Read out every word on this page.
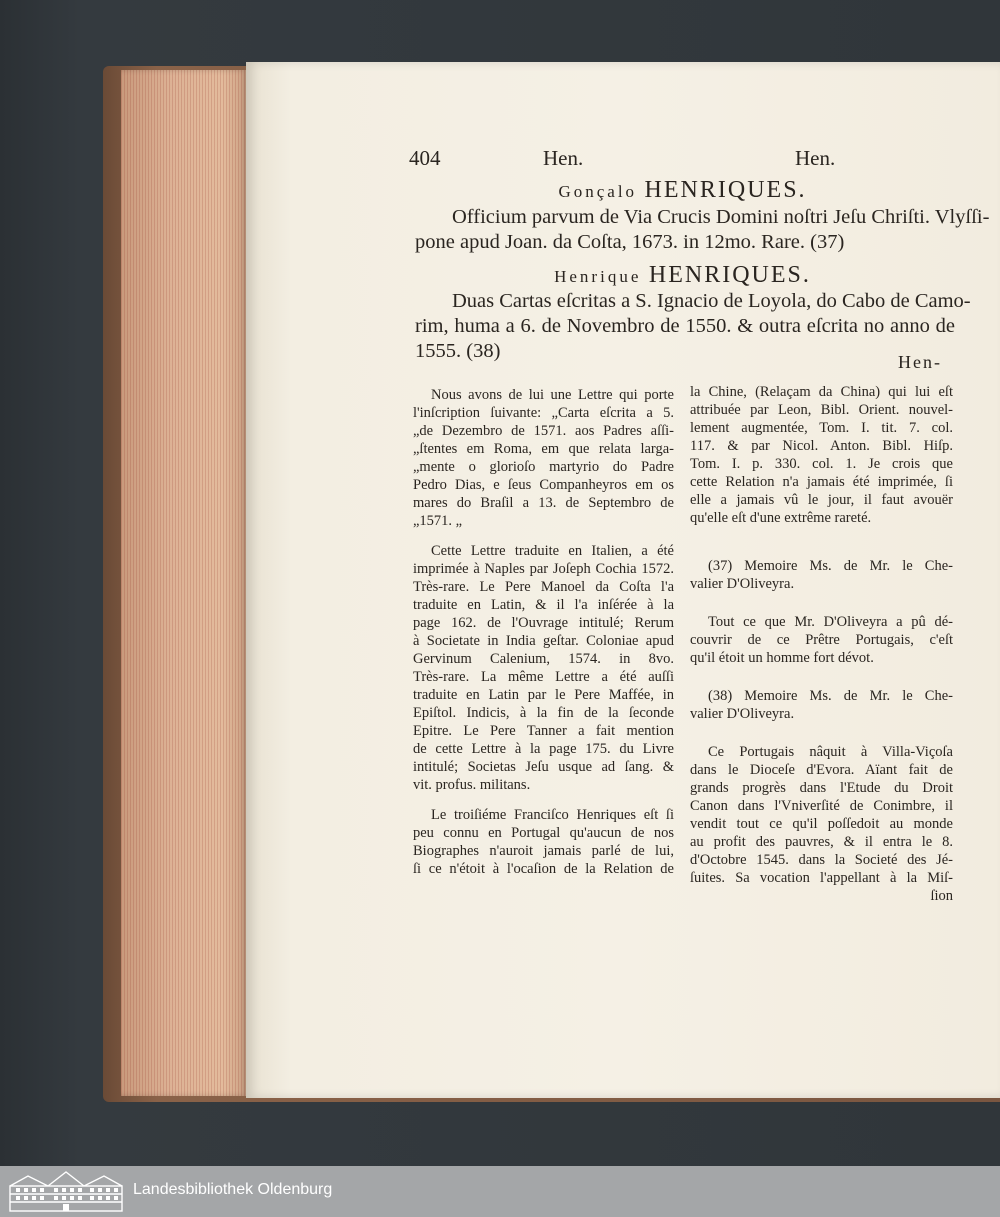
404	Hen.	Hen.
Gonçalo HENRIQUES.
Officium parvum de Via Crucis Domini noſtri Jeſu Chriſti. Vlyſſi-
pone apud Joan. da Coſta, 1673. in 12mo. Rare. (37)
Henrique HENRIQUES.
Duas Cartas eſcritas a S. Ignacio de Loyola, do Cabo de Camo-
rim, huma a 6. de Novembro de 1550. & outra eſcrita no anno de
1555. (38)	Hen-
Nous avons de lui une Lettre qui porte
l'inſcription ſuivante: „Carta eſcrita a 5.
„de Dezembro de 1571. aos Padres aſſi-
„ſtentes em Roma, em que relata larga-
„mente o glorioſo martyrio do Padre
Pedro Dias, e ſeus Companheyros em os
mares do Braſil a 13. de Septembro de
„1571. „
Cette Lettre traduite en Italien, a été
imprimée à Naples par Joſeph Cochia 1572.
Très-rare. Le Pere Manoel da Coſta l'a
traduite en Latin, & il l'a inſérée à la
page 162. de l'Ouvrage intitulé; Rerum
à Societate in India geſtar. Coloniae apud
Gervinum Calenium, 1574. in 8vo.
Très-rare. La même Lettre a été auſſi
traduite en Latin par le Pere Maffée, in
Epiſtol. Indicis, à la fin de la ſeconde
Epitre. Le Pere Tanner a fait mention
de cette Lettre à la page 175. du Livre
intitulé; Societas Jeſu usque ad ſang. &
vit. profus. militans.
Le troiſiéme Franciſco Henriques eſt ſi
peu connu en Portugal qu'aucun de nos
Biographes n'auroit jamais parlé de lui,
ſi ce n'étoit à l'ocaſion de la Relation de
la Chine, (Relaçam da China) qui lui eſt
attribuée par Leon, Bibl. Orient. nouvel-
lement augmentée, Tom. I. tit. 7. col.
117. & par Nicol. Anton. Bibl. Hiſp.
Tom. I. p. 330. col. 1. Je crois que
cette Relation n'a jamais été imprimée, ſi
elle a jamais vû le jour, il faut avouër
qu'elle eſt d'une extrême rareté.
(37) Memoire Ms. de Mr. le Che-
valier D'Oliveyra.
Tout ce que Mr. D'Oliveyra a pû dé-
couvrir de ce Prêtre Portugais, c'eſt
qu'il étoit un homme fort dévot.
(38) Memoire Ms. de Mr. le Che-
valier D'Oliveyra.
Ce Portugais nâquit à Villa-Viçoſa
dans le Dioceſe d'Evora. Aïant fait de
grands progrès dans l'Etude du Droit
Canon dans l'Vniverſité de Conimbre, il
vendit tout ce qu'il poſſedoit au monde
au profit des pauvres, & il entra le 8.
d'Octobre 1545. dans la Societé des Jé-
ſuites. Sa vocation l'appellant à la Miſ-
ſion
Landesbibliothek Oldenburg
